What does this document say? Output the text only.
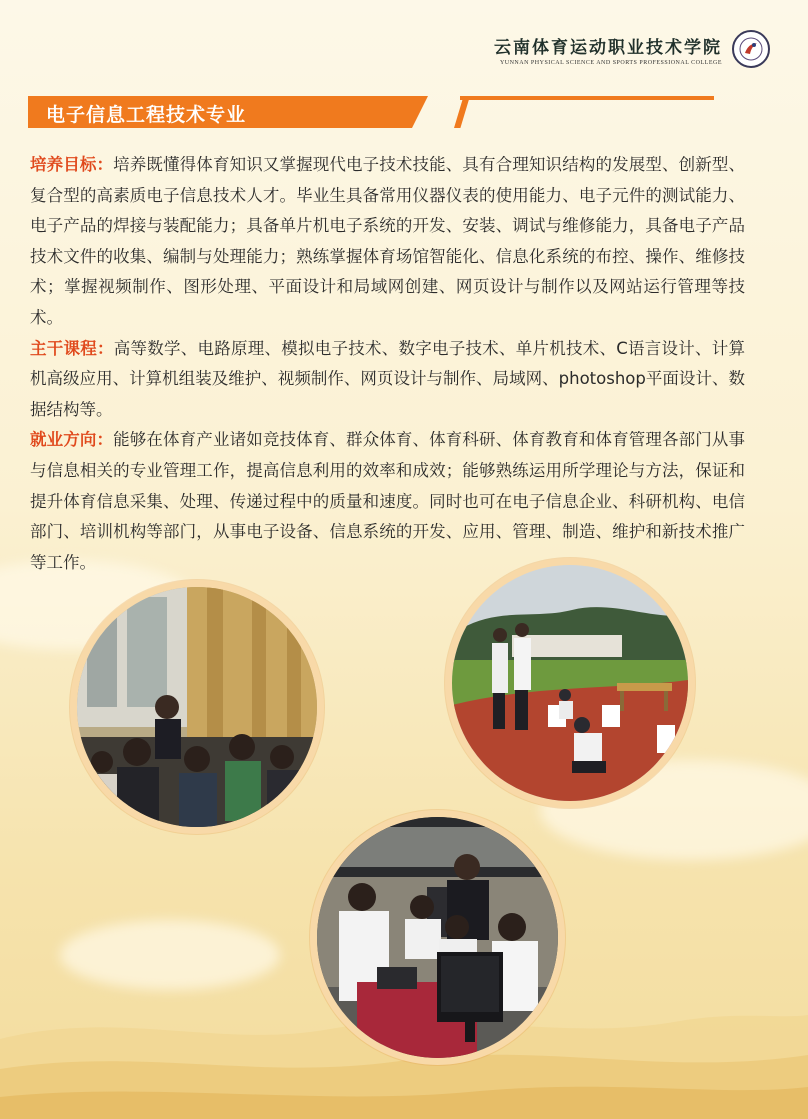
云南体育运动职业技术学院
YUNNAN PHYSICAL SCIENCE AND SPORTS PROFESSIONAL COLLEGE
电子信息工程技术专业

培养目标：培养既懂得体育知识又掌握现代电子技术技能、具有合理知识结构的发展型、创新型、复合型的高素质电子信息技术人才。毕业生具备常用仪器仪表的使用能力、电子元件的测试能力、电子产品的焊接与装配能力；具备单片机电子系统的开发、安装、调试与维修能力，具备电子产品技术文件的收集、编制与处理能力；熟练掌握体育场馆智能化、信息化系统的布控、操作、维修技术；掌握视频制作、图形处理、平面设计和局域网创建、网页设计与制作以及网站运行管理等技术。

主干课程：高等数学、电路原理、模拟电子技术、数字电子技术、单片机技术、C语言设计、计算机高级应用、计算机组装及维护、视频制作、网页设计与制作、局域网、photoshop平面设计、数据结构等。

就业方向：能够在体育产业诸如竞技体育、群众体育、体育科研、体育教育和体育管理各部门从事与信息相关的专业管理工作，提高信息利用的效率和成效；能够熟练运用所学理论与方法，保证和提升体育信息采集、处理、传递过程中的质量和速度。同时也可在电子信息企业、科研机构、电信部门、培训机构等部门，从事电子设备、信息系统的开发、应用、管理、制造、维护和新技术推广等工作。
